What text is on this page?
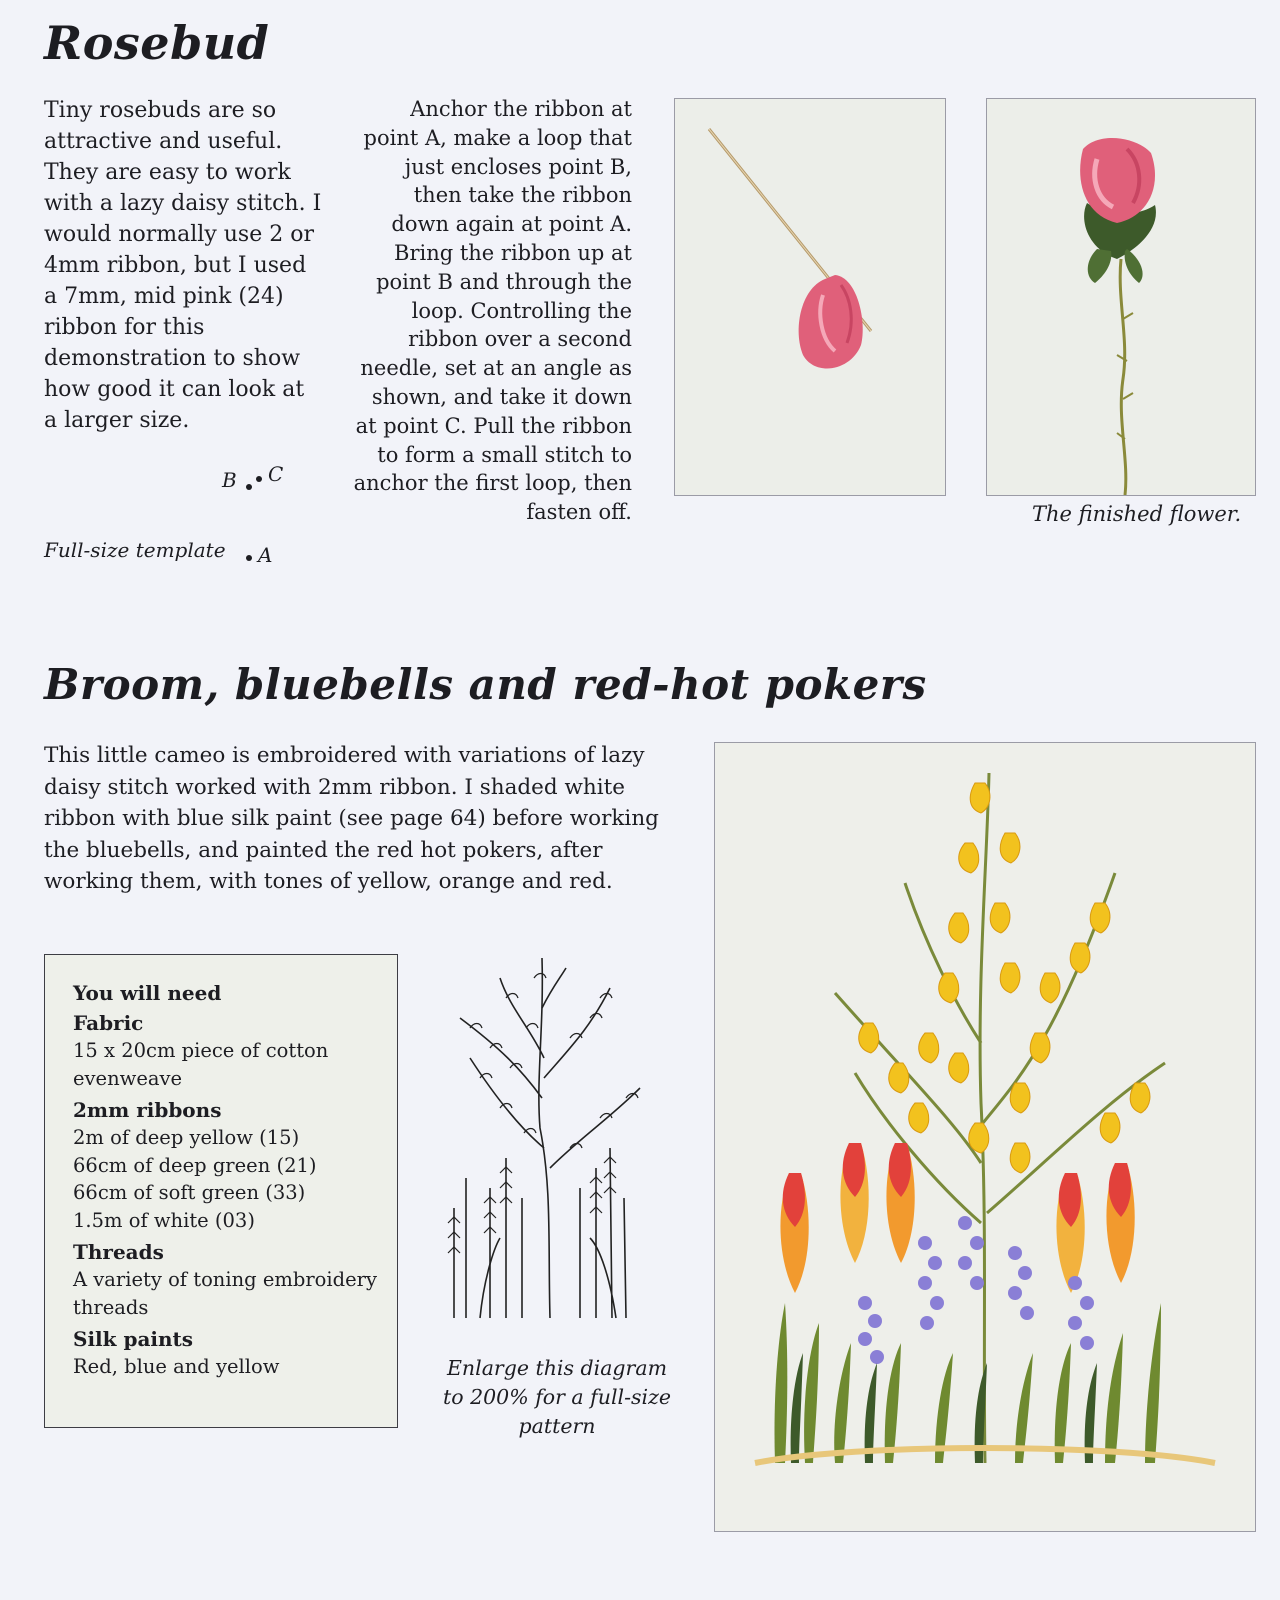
Rosebud

Tiny rosebuds are so attractive and useful. They are easy to work with a lazy daisy stitch. I would normally use 2 or 4mm ribbon, but I used a 7mm, mid pink (24) ribbon for this demonstration to show how good it can look at a larger size.

Anchor the ribbon at point A, make a loop that just encloses point B, then take the ribbon down again at point A. Bring the ribbon up at point B and through the loop. Controlling the ribbon over a second needle, set at an angle as shown, and take it down at point C. Pull the ribbon to form a small stitch to anchor the first loop, then fasten off.

B C
Full-size template A
The finished flower.
Broom, bluebells and red-hot pokers

This little cameo is embroidered with variations of lazy daisy stitch worked with 2mm ribbon. I shaded white ribbon with blue silk paint (see page 64) before working the bluebells, and painted the red hot pokers, after working them, with tones of yellow, orange and red.

You will need

Fabric

15 x 20cm piece of cotton evenweave

2mm ribbons

2m of deep yellow (15)

66cm of deep green (21)

66cm of soft green (33)

1.5m of white (03)

Threads

A variety of toning embroidery threads

Silk paints

Red, blue and yellow	Enlarge this diagram to 200% for a full-size pattern
